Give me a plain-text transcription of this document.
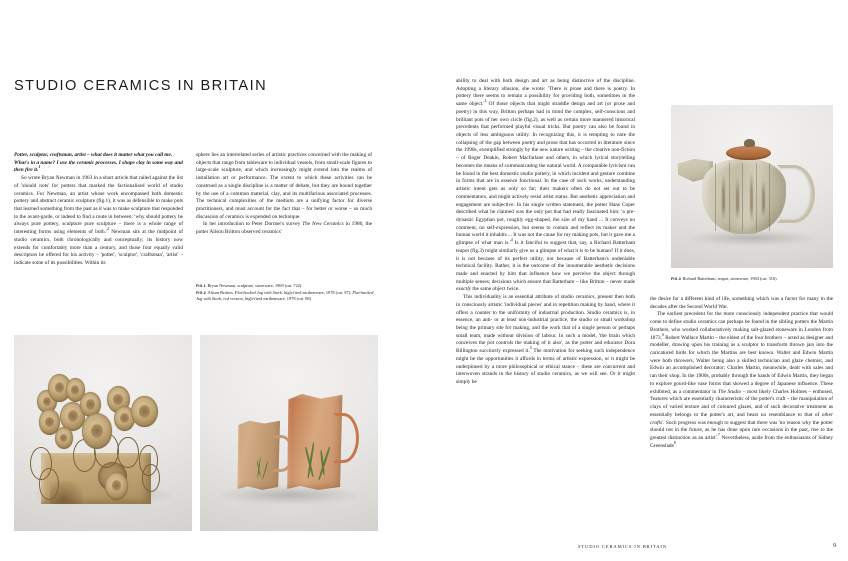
STUDIO CERAMICS IN BRITAIN

Potter, sculptor, craftsman, artist – what does it matter what you call me. What's in a name? I use the ceramic processes. I shape clay in some way and then fire it.$^1$

So wrote Bryan Newman in 1963 in a short article that railed against the list of 'should nots' for potters that marked the factionalised world of studio ceramics. For Newman, an artist whose work encompassed both domestic pottery and abstract ceramic sculpture (fig.1), it was as defensible to make pots that learned something from the past as it was to make sculpture that responded to the avant-garde, or indeed to find a route in between: 'why should pottery be always pure pottery, sculpture pure sculpture – there is a whole range of interesting forms using elements of $both.'^2$ Newman sits at the midpoint of studio ceramics, both chronologically and conceptually; its history now extends for comfortably more than a century, and those four equally valid descriptors he offered for his activity – 'potter', 'sculptor', 'craftsman', 'artist' – indicate some of its possibilities. Within its

sphere lies an interrelated series of artistic practices concerned with the making of objects that range from tableware to individual vessels, from small-scale figures to large-scale sculpture, and which increasingly might extend into the realms of installation art or performance. The extent to which these activities can be construed as a single discipline is a matter of debate, but they are bound together by the use of a common material, clay, and its multifarious associated processes. The technical complexities of the medium are a unifying factor for diverse practitioners, and must account for the fact that – for better or worse – so much discussion of ceramics is expended on technique.

In her introduction to Peter Dormer's survey The New Ceramics in 1986, the potter Alison Britton observed ceramics'

FIG.1 Bryan Newman, sculpture, stoneware, 1969 (cat. 722)
FIG.2 Alison Britton, Flat-backed Jug with Stork, high-fired earthenware, 1978 (cat. 87); Flat-backed Jug with Stork, red version, high-fired earthenware, 1978 (cat. 88)

ability to deal with both design and art as being distinctive of the discipline. Adopting a literary allusion, she wrote: 'There is prose and there is poetry. In pottery there seems to remain a possibility for providing both, sometimes in the same $object.'^3$ Of those objects that might straddle design and art (or prose and poetry) in this way, Britton perhaps had in mind the complex, self-conscious and brilliant pots of her own circle (fig.2), as well as certain more mannered historical precedents that performed playful visual tricks. But poetry can also be found in objects of less ambiguous utility. In recognizing this, it is tempting to note the collapsing of the gap between poetry and prose that has occurred in literature since the 1990s, exemplified strongly by the new nature writing – the creative non-fiction – of Roger Deakin, Robert Macfarlane and others, in which lyrical storytelling becomes the means of communicating the natural world. A comparable lyricism can be found in the best domestic studio pottery, in which incident and gesture combine in forms that are in essence functional. In the case of such works, understanding artistic intent gets us only so far; their makers often do not set out to be commentators, and might actively resist artist status. But aesthetic appreciation and engagement are subjective. In his single written statement, the potter Hans Coper described what he claimed was the only pot that had really fascinated him: 'a pre-dynastic Egyptian pot, roughly egg-shaped, the size of my hand ... It conveys no comment, no self-expression, but seems to contain and reflect its maker and the human world it inhabits ... It was not the cause for my making pots, but it gave me a glimpse of what man $is.'^4$ Is it fanciful to suggest that, say, a Richard Batterham teapot (fig.3) might similarly give us a glimpse of what it is to be human? If it does, it is not because of its perfect utility, nor because of Batterham's undeniable technical facility. Rather, it is the outcome of the innumerable aesthetic decisions made and enacted by him that influence how we perceive the object through multiple senses; decisions which ensure that Batterham – like Britton – never made exactly the same object twice.

This individuality is an essential attribute of studio ceramics, present then both in consciously artistic 'individual pieces' and in repetition making by hand, where it offers a counter to the uniformity of industrial production. Studio ceramics is, in essence, an anti- or at least non-industrial practice, the studio or small workshop being the primary site for making, and the work that of a single person or perhaps small team, made without division of labour. In such a model, 'the brain which conceives the pot controls the making of it also', as the potter and educator Dora Billington succinctly expressed it.$^5$ The motivation for seeking such independence might be the opportunities it affords in terms of artistic expression, or it might be underpinned by a more philosophical or ethical stance – these are concurrent and interwoven strands in the history of studio ceramics, as we will see. Or it might simply be

FIG.3 Richard Batterham, teapot, stoneware, 1984 (cat. 316)

the desire for a different kind of life, something which was a factor for many in the decades after the Second World War.

The earliest precedent for the more consciously independent practice that would come to define studio ceramics can perhaps be found in the sibling potters the Martin Brothers, who worked collaboratively making salt-glazed stoneware in London from 1873.$^6$ Robert Wallace Martin – the eldest of the four brothers – acted as designer and modeller, drawing upon his training as a sculptor to transform thrown jars into the caricatured birds for which the Martins are best known. Walter and Edwin Martin were both throwers, Walter being also a skilled technician and glaze chemist, and Edwin an accomplished decorator; Charles Martin, meanwhile, dealt with sales and ran their shop. In the 1900s, probably through the hands of Edwin Martin, they began to explore gourd-like vase forms that showed a degree of Japanese influence. These exhibited, as a commentator in The Studio – most likely Charles Holmes – enthused, 'features which are essentially characteristic of the potter's craft – the manipulation of clays of varied texture and of coloured glazes, and of such decorative treatment as essentially belongs to the potter's art, and bears no resemblance to that of other crafts'. Such progress was enough to suggest that there was 'no reason why the potter should not in the future, as he has done upon rare occasions in the past, rise to the greatest distinction as an artist'.$^7$ Nevertheless, aside from the enthusiasms of Sidney Greenslade$^8$

STUDIO CERAMICS IN BRITAIN	9
